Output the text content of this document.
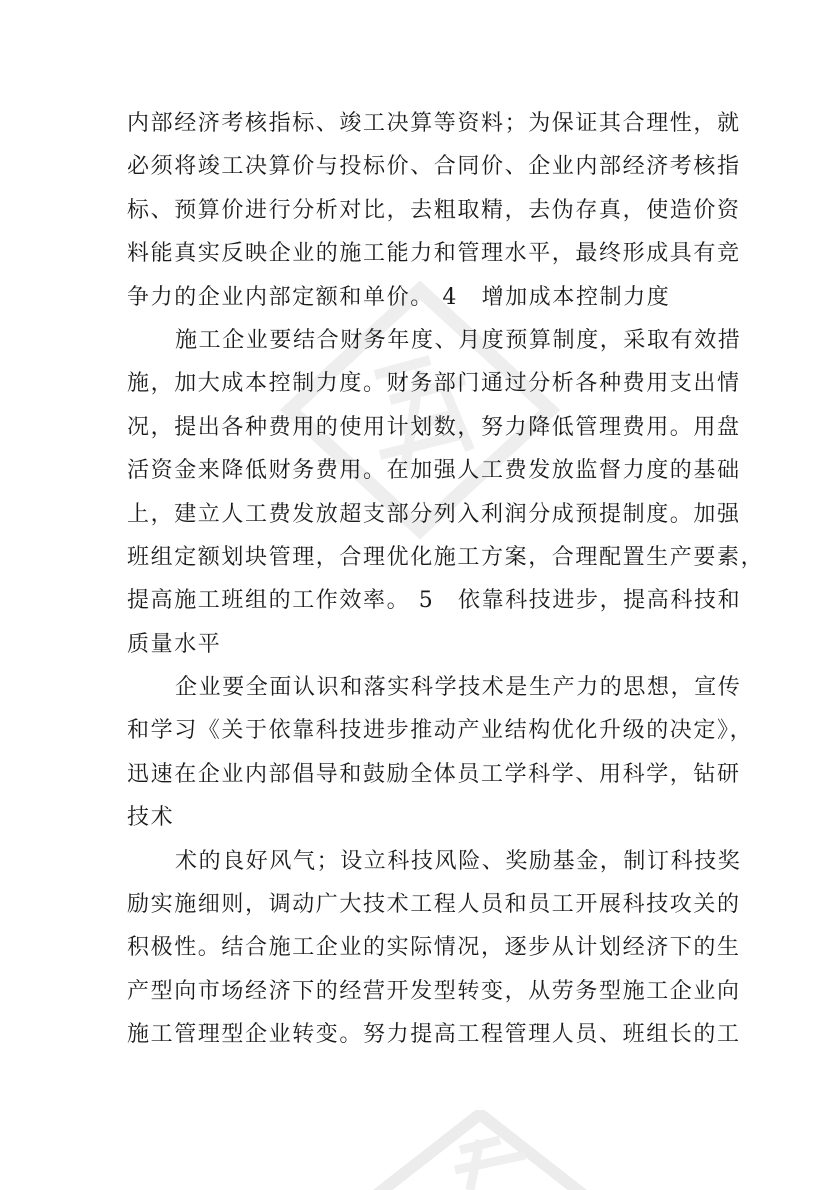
内部经济考核指标、竣工决算等资料；为保证其合理性，就
必须将竣工决算价与投标价、合同价、企业内部经济考核指
标、预算价进行分析对比，去粗取精，去伪存真，使造价资
料能真实反映企业的施工能力和管理水平，最终形成具有竞
争力的企业内部定额和单价。 4　增加成本控制力度
施工企业要结合财务年度、月度预算制度，采取有效措
施，加大成本控制力度。财务部门通过分析各种费用支出情
况，提出各种费用的使用计划数，努力降低管理费用。用盘
活资金来降低财务费用。在加强人工费发放监督力度的基础
上，建立人工费发放超支部分列入利润分成预提制度。加强
班组定额划块管理，合理优化施工方案，合理配置生产要素，
提高施工班组的工作效率。 5　依靠科技进步，提高科技和
质量水平
企业要全面认识和落实科学技术是生产力的思想，宣传
和学习《关于依靠科技进步推动产业结构优化升级的决定》，
迅速在企业内部倡导和鼓励全体员工学科学、用科学，钻研
技术
术的良好风气；设立科技风险、奖励基金，制订科技奖
励实施细则，调动广大技术工程人员和员工开展科技攻关的
积极性。结合施工企业的实际情况，逐步从计划经济下的生
产型向市场经济下的经营开发型转变，从劳务型施工企业向
施工管理型企业转变。努力提高工程管理人员、班组长的工
